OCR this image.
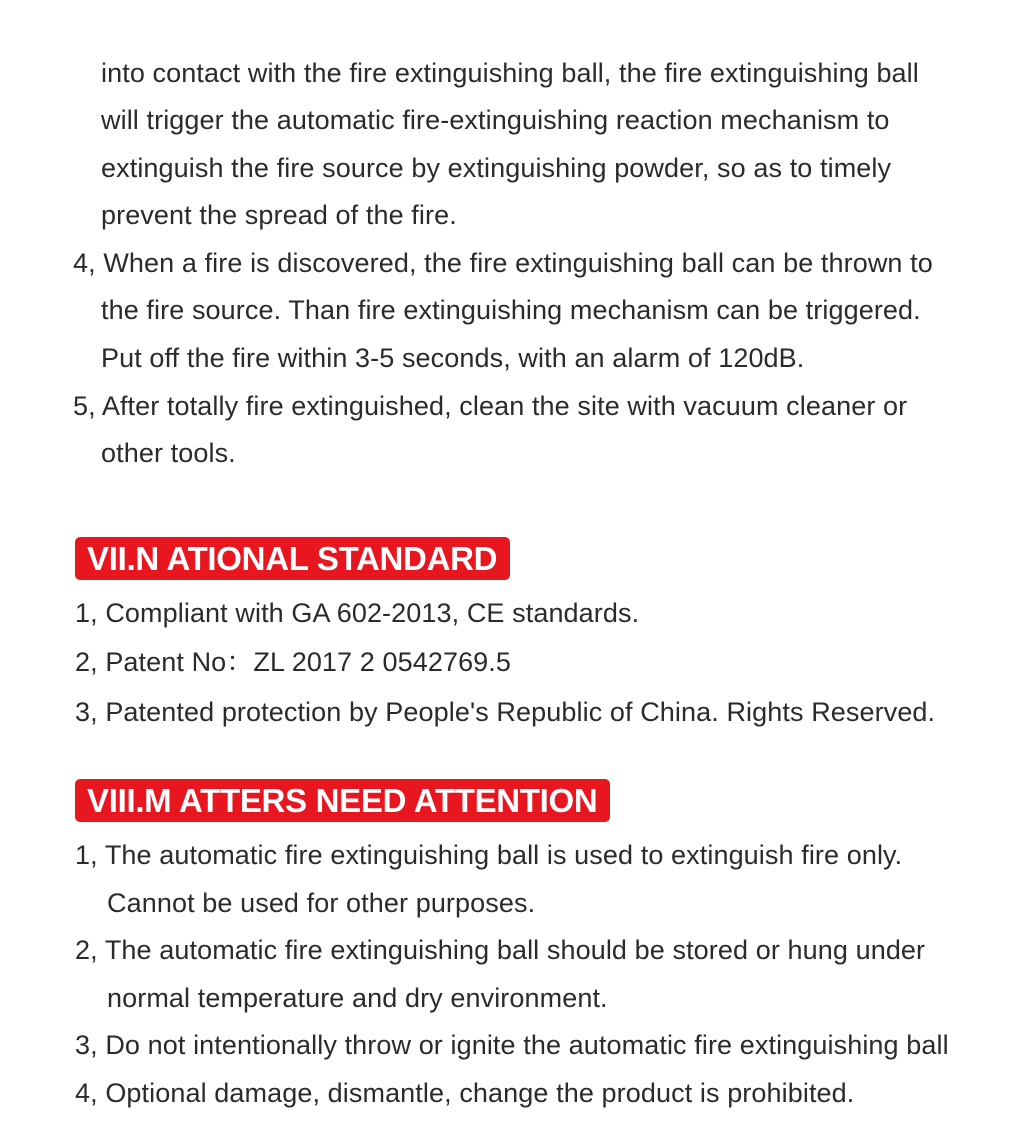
into contact with the fire extinguishing ball, the fire extinguishing ball
will trigger the automatic fire-extinguishing reaction mechanism to
extinguish the fire source by extinguishing powder, so as to timely
prevent the spread of the fire.
4, When a fire is discovered, the fire extinguishing ball can be thrown to
the fire source. Than fire extinguishing mechanism can be triggered.
Put off the fire within 3-5 seconds, with an alarm of 120dB.
5, After totally fire extinguished, clean the site with vacuum cleaner or
other tools.
VII.N ATIONAL STANDARD
1, Compliant with GA 602-2013, CE standards.
2, Patent No：ZL 2017 2 0542769.5
3, Patented protection by People's Republic of China. Rights Reserved.
VIII.M ATTERS NEED ATTENTION
1, The automatic fire extinguishing ball is used to extinguish fire only.
Cannot be used for other purposes.
2, The automatic fire extinguishing ball should be stored or hung under
normal temperature and dry environment.
3, Do not intentionally throw or ignite the automatic fire extinguishing ball
4, Optional damage, dismantle, change the product is prohibited.
